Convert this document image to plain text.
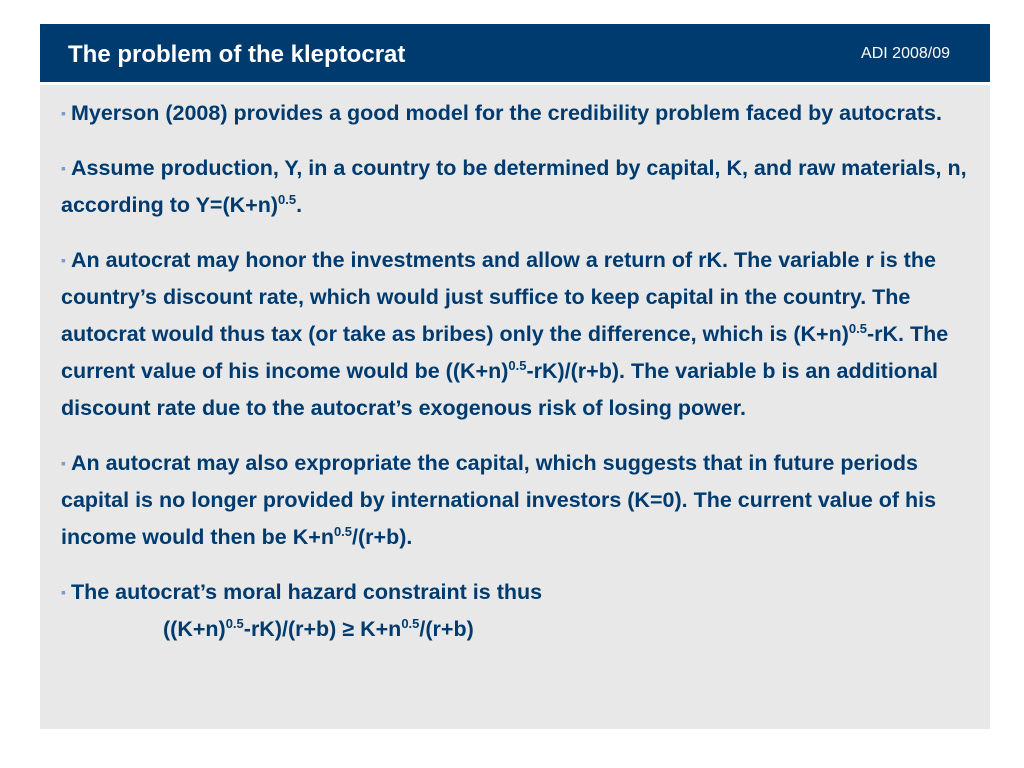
The problem of the kleptocrat	ADI 2008/09

▪ Myerson (2008) provides a good model for the credibility problem faced by autocrats.

▪ Assume production, Y, in a country to be determined by capital, K, and raw materials, n, according to $Y=(K+n)^{0.5}$.

▪ An autocrat may honor the investments and allow a return of rK. The variable r is the country’s discount rate, which would just suffice to keep capital in the country. The autocrat would thus tax (or take as bribes) only the difference, which is $(K+n)^{0.5}-rK$. The current value of his income would be $((K+n)^{0.5}-rK)/(r+b)$. The variable b is an additional discount rate due to the autocrat’s exogenous risk of losing power.

▪ An autocrat may also expropriate the capital, which suggests that in future periods capital is no longer provided by international investors (K=0). The current value of his income would then be $K+n^{0.5}/(r+b)$.

▪ The autocrat’s moral hazard constraint is thus
$((K+n)^{0.5}-rK)/(r+b) \ge K+n^{0.5}/(r+b)$
